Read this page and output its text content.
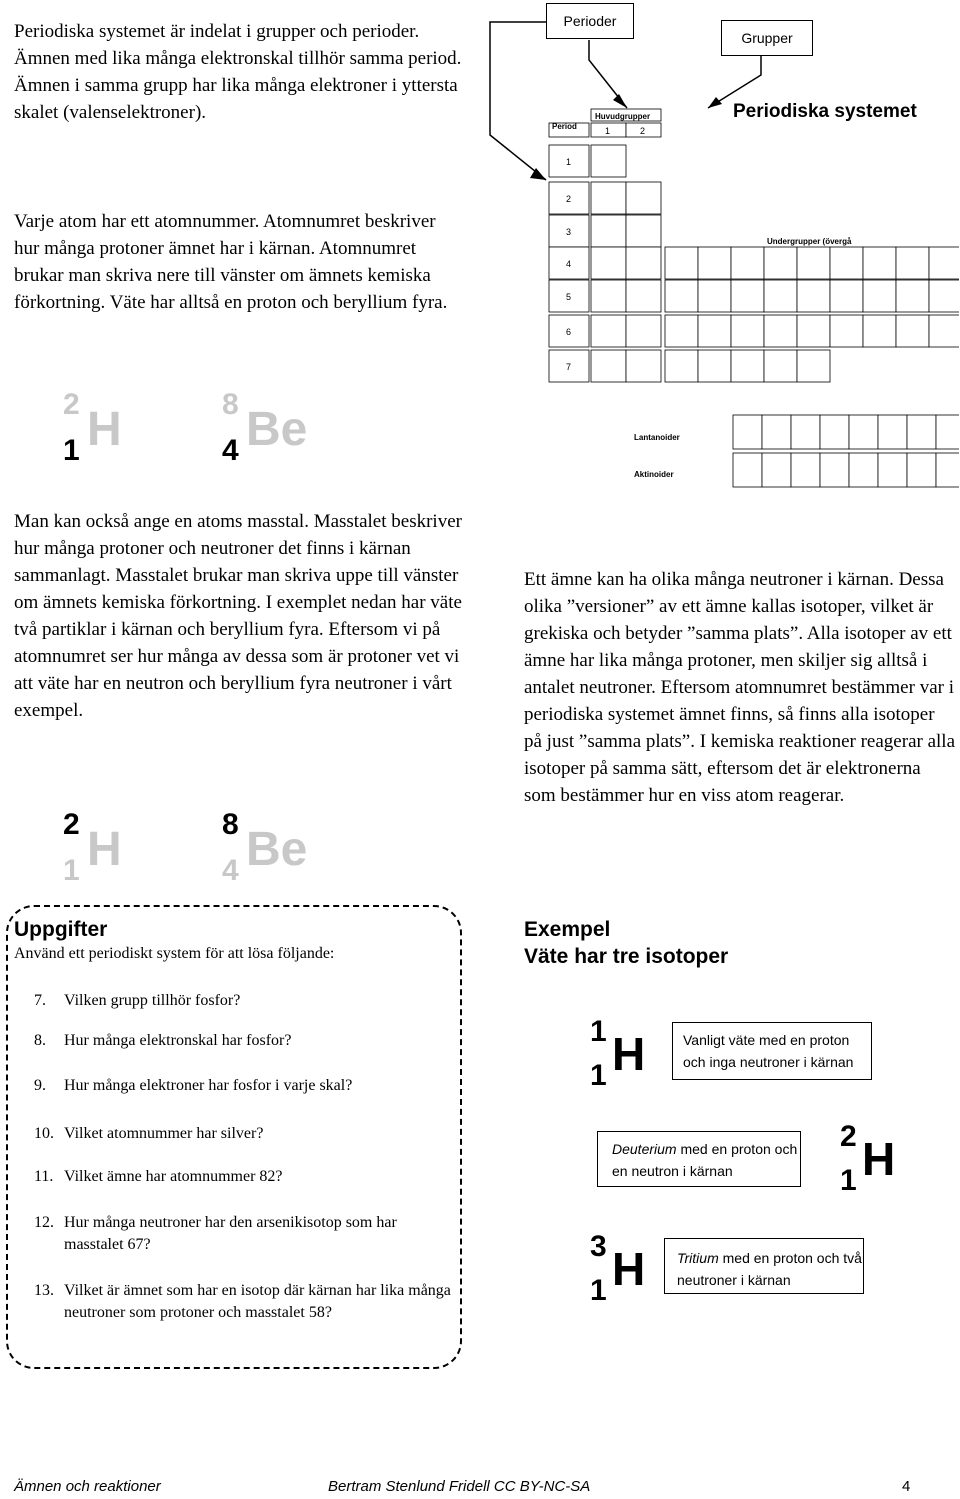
Periodiska systemet är indelat i grupper och perioder. Ämnen med lika många elektronskal tillhör samma period. Ämnen i samma grupp har lika många elektroner i yttersta skalet (valenselektroner).

Perioder
Grupper
1
2
3
4
5
6
7
1	2
Periodiska systemet
Huvudgrupper
Period
Undergrupper (övergå
Lantanoider
Aktinoider

Varje atom har ett atomnummer. Atomnumret beskriver hur många protoner ämnet har i kärnan. Atomnumret brukar man skriva nere till vänster om ämnets kemiska förkortning. Väte har alltså en proton och beryllium fyra.

2 H
1
8 Be
4

Man kan också ange en atoms masstal. Masstalet beskriver hur många protoner och neutroner det finns i kärnan sammanlagt. Masstalet brukar man skriva uppe till vänster om ämnets kemiska förkortning. I exemplet nedan har väte två partiklar i kärnan och beryllium fyra. Eftersom vi på atomnumret ser hur många av dessa som är protoner vet vi att väte har en neutron och beryllium fyra neutroner i vårt exempel.

2 H
1
8 Be
4

Ett ämne kan ha olika många neutroner i kärnan. Dessa olika ”versioner” av ett ämne kallas isotoper, vilket är grekiska och betyder ”samma plats”. Alla isotoper av ett ämne har lika många protoner, men skiljer sig alltså i antalet neutroner. Eftersom atomnumret bestämmer var i periodiska systemet ämnet finns, så finns alla isotoper på just ”samma plats”. I kemiska reaktioner reagerar alla isotoper på samma sätt, eftersom det är elektronerna som bestämmer hur en viss atom reagerar.

Uppgifter
Använd ett periodiskt system för att lösa följande:
7. Vilken grupp tillhör fosfor?
8. Hur många elektronskal har fosfor?
9. Hur många elektroner har fosfor i varje skal?
10. Vilket atomnummer har silver?
11. Vilket ämne har atomnummer 82?
12. Hur många neutroner har den arsenikisotop som har masstalet 67?
13. Vilket är ämnet som har en isotop där kärnan har lika många neutroner som protoner och masstalet 58?
Exempel
Väte har tre isotoper
1 H
1
Vanligt väte med en proton och inga neutroner i kärnan
Deuterium med en proton och en neutron i kärnan
2 H
1
3 H
1
Tritium med en proton och två neutroner i kärnan
Ämnen och reaktioner	Bertram Stenlund Fridell CC BY-NC-SA	4
